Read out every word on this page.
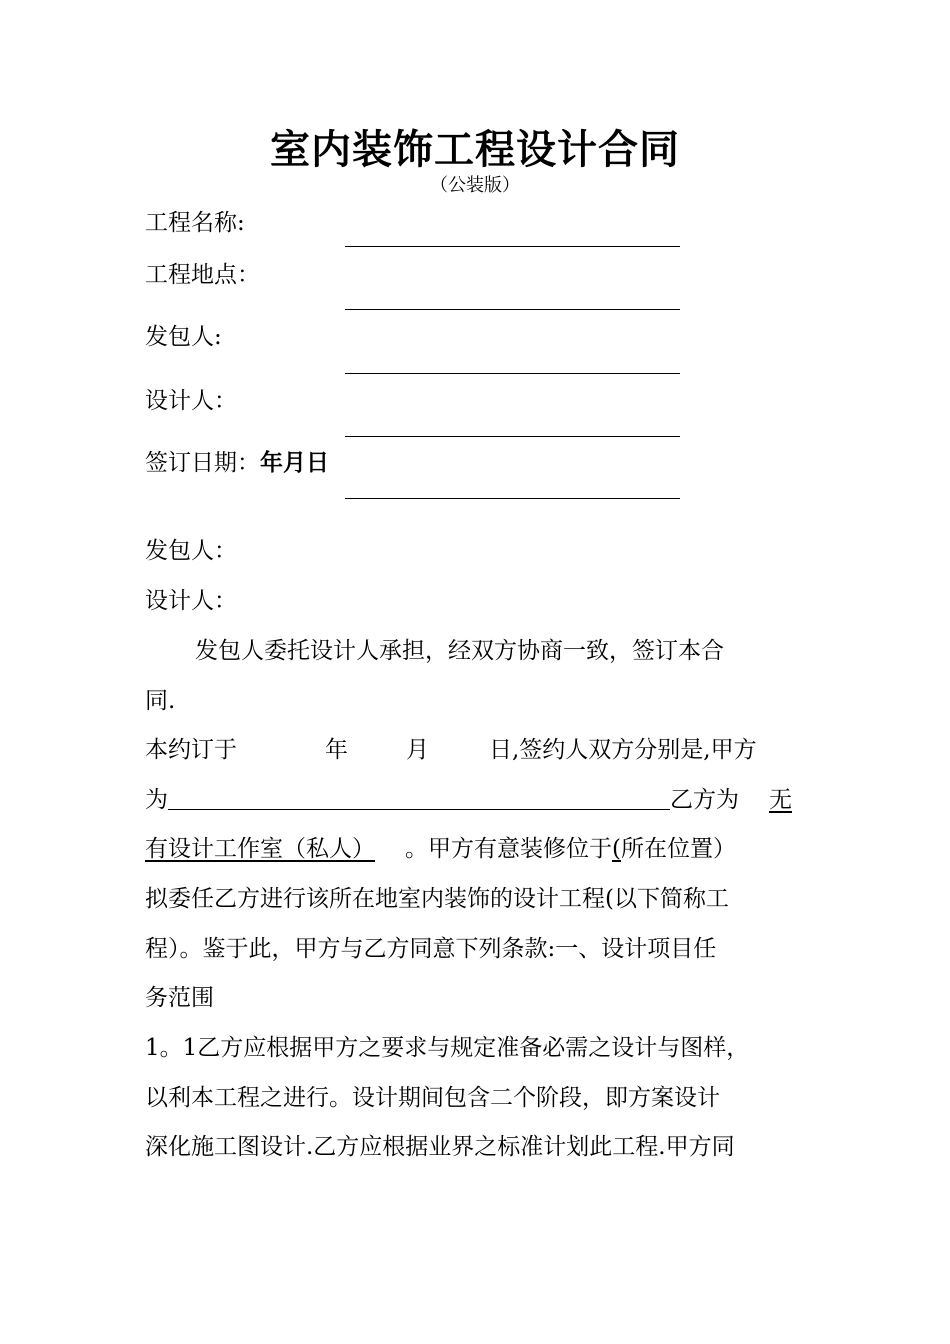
室内装饰工程设计合同
（公装版）
工程名称:
工程地点：
发包人:
设计人：
签订日期：年月日
发包人：
设计人：
发包人委托设计人承担，经双方协商一致，签订本合
同.
本约订于	年	月	日,签约人双方分别是,甲方
为	乙方为 无
有设计工作室（私人） 。甲方有意装修位于(所在位置）
拟委任乙方进行该所在地室内装饰的设计工程(以下简称工
程）。鉴于此，甲方与乙方同意下列条款:一、设计项目任
务范围
1。1乙方应根据甲方之要求与规定准备必需之设计与图样，
以利本工程之进行。设计期间包含二个阶段，即方案设计
深化施工图设计.乙方应根据业界之标准计划此工程.甲方同
